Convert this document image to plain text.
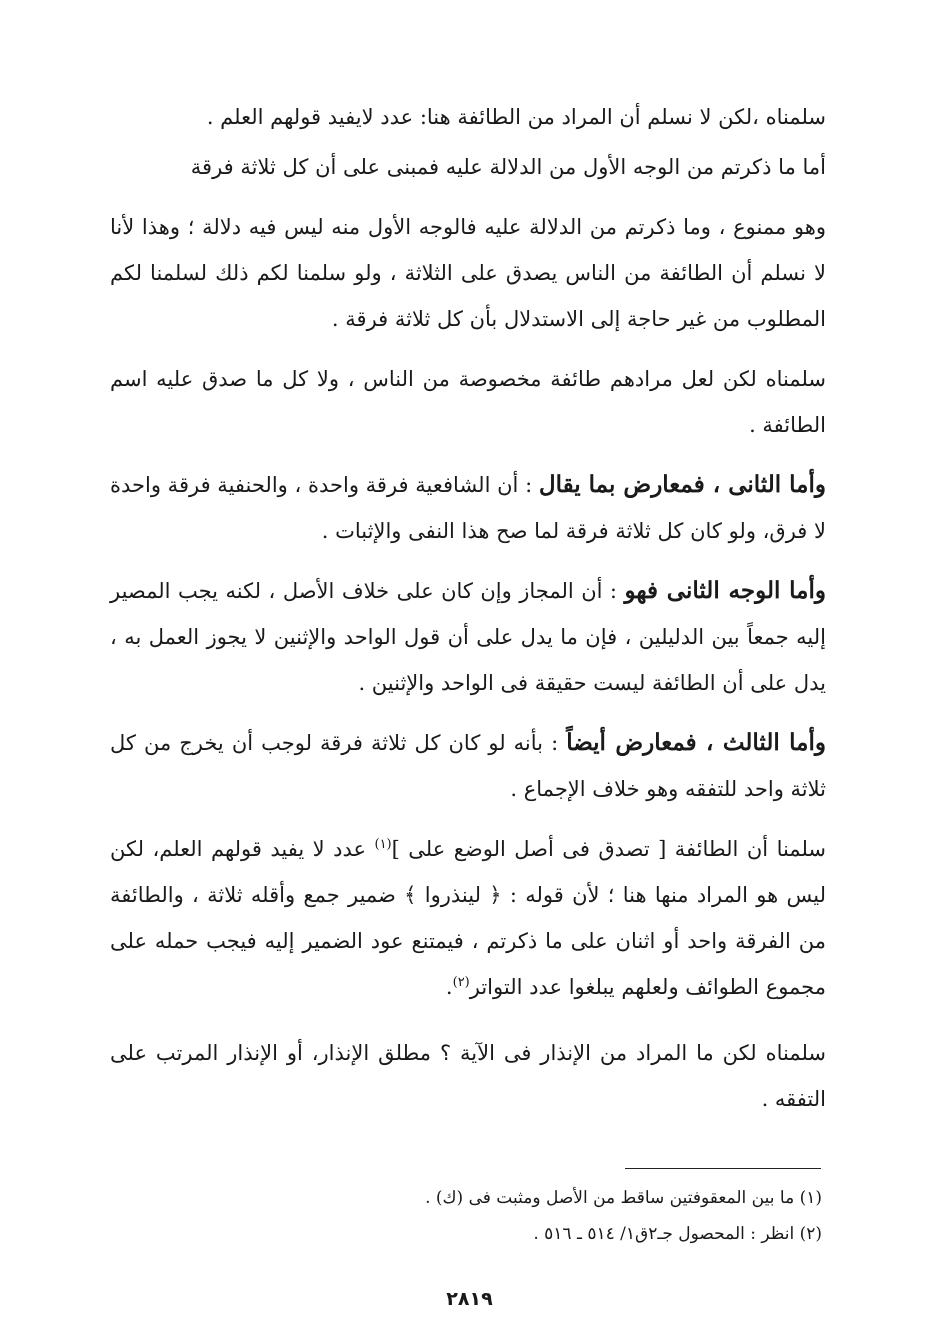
سلمناه ،لكن لا نسلم أن المراد من الطائفة هنا: عدد لايفيد قولهم العلم .

أما ما ذكرتم من الوجه الأول من الدلالة عليه فمبنى على أن كل ثلاثة فرقة

وهو ممنوع ، وما ذكرتم من الدلالة عليه فالوجه الأول منه ليس فيه دلالة ؛ وهذا لأنا لا نسلم أن الطائفة من الناس يصدق على الثلاثة ، ولو سلمنا لكم ذلك لسلمنا لكم المطلوب من غير حاجة إلى الاستدلال بأن كل ثلاثة فرقة .

سلمناه لكن لعل مرادهم طائفة مخصوصة من الناس ، ولا كل ما صدق عليه اسم الطائفة .

وأما الثانى ، فمعارض بما يقال : أن الشافعية فرقة واحدة ، والحنفية فرقة واحدة لا فرق، ولو كان كل ثلاثة فرقة لما صح هذا النفى والإثبات .

وأما الوجه الثانى فهو : أن المجاز وإن كان على خلاف الأصل ، لكنه يجب المصير إليه جمعاً بين الدليلين ، فإن ما يدل على أن قول الواحد والإثنين لا يجوز العمل به ، يدل على أن الطائفة ليست حقيقة فى الواحد والإثنين .

وأما الثالث ، فمعارض أيضاً : بأنه لو كان كل ثلاثة فرقة لوجب أن يخرج من كل ثلاثة واحد للتفقه وهو خلاف الإجماع .

سلمنا أن الطائفة [ تصدق فى أصل الوضع على ]$^{(١)}$ عدد لا يفيد قولهم العلم، لكن ليس هو المراد منها هنا ؛ لأن قوله : ﴿ لينذروا ﴾ ضمير جمع وأقله ثلاثة ، والطائفة من الفرقة واحد أو اثنان على ما ذكرتم ، فيمتنع عود الضمير إليه فيجب حمله على مجموع الطوائف ولعلهم يبلغوا عدد التواتر$^{(٢)}$.

سلمناه لكن ما المراد من الإنذار فى الآية ؟ مطلق الإنذار، أو الإنذار المرتب على التفقه .

(١) ما بين المعقوفتين ساقط من الأصل ومثبت فى (ك) .

(٢) انظر : المحصول جـ٢ق١/ ٥١٤ ـ ٥١٦ .

٢٨١٩
